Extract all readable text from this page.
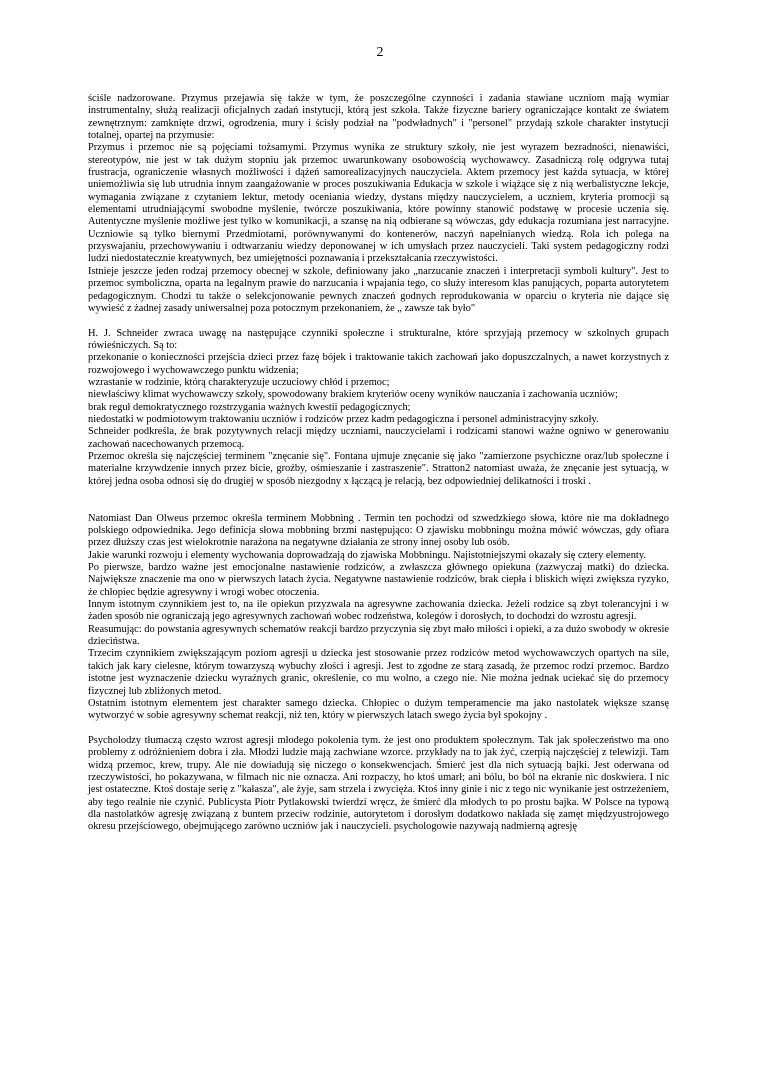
2

ściśle nadzorowane. Przymus przejawia się także w tym, że poszczególne czynności i zadania stawiane uczniom mają wymiar instrumentalny, służą realizacji oficjalnych zadań instytucji, którą jest szkoła. Także fizyczne bariery ograniczające kontakt ze światem zewnętrznym: zamknięte drzwi, ogrodzenia, mury i ścisły podział na "podwładnych" i "personel" przydają szkole charakter instytucji totalnej, opartej na przymusie:

Przymus i przemoc nie są pojęciami tożsamymi. Przymus wynika ze struktury szkoły, nie jest wyrazem bezradności, nienawiści, stereotypów, nie jest w tak dużym stopniu jak przemoc uwarunkowany osobowością wychowawcy. Zasadniczą rolę odgrywa tutaj frustracja, ograniczenie własnych możliwości i dążeń samorealizacyjnych nauczyciela. Aktem przemocy jest każda sytuacja, w której uniemożliwia się lub utrudnia innym zaangażowanie w proces poszukiwania Edukacja w szkole i wiążące się z nią werbalistyczne lekcje, wymagania związane z czytaniem lektur, metody oceniania wiedzy, dystans między nauczycielem, a uczniem, kryteria promocji są elementami utrudniającymi swobodne myślenie, twórcze poszukiwania, które powinny stanowić podstawę w procesie uczenia się. Autentyczne myślenie możliwe jest tylko w komunikacji, a szansę na nią odbierane są wówczas, gdy edukacja rozumiana jest narracyjne. Uczniowie są tylko biernymi Przedmiotami, porównywanymi do kontenerów, naczyń napełnianych wiedzą. Rola ich polega na przyswajaniu, przechowywaniu i odtwarzaniu wiedzy deponowanej w ich umysłach przez nauczycieli. Taki system pedagogiczny rodzi ludzi niedostatecznie kreatywnych, bez umiejętności poznawania i przekształcania rzeczywistości.

Istnieje jeszcze jeden rodzaj przemocy obecnej w szkole, definiowany jako „narzucanie znaczeń i interpretacji symboli kultury". Jest to przemoc symboliczna, oparta na legalnym prawie do narzucania i wpajania tego, co służy interesom klas panujących, poparta autorytetem pedagogicznym. Chodzi tu także o selekcjonowanie pewnych znaczeń godnych reprodukowania w oparciu o kryteria nie dające się wywieść z żadnej zasady uniwersalnej poza potocznym przekonaniem, że „ zawsze tak było"

H. J. Schneider zwraca uwagę na następujące czynniki społeczne i strukturalne, które sprzyjają przemocy w szkolnych grupach rówieśniczych. Są to:

przekonanie o konieczności przejścia dzieci przez fazę bójek i traktowanie takich zachowań jako dopuszczalnych, a nawet korzystnych z rozwojowego i wychowawczego punktu widzenia;

wzrastanie w rodzinie, którą charakteryzuje uczuciowy chłód i przemoc;

niewłaściwy klimat wychowawczy szkoły, spowodowany brakiem kryteriów oceny wyników nauczania i zachowania uczniów;

brak reguł demokratycznego rozstrzygania ważnych kwestii pedagogicznych;

niedostatki w podmiotowym traktowaniu uczniów i rodziców przez kadm pedagogiczna i personel administracyjny szkoły.

Schneider podkreśla, że brak pozytywnych relacji między uczniami, nauczycielami i rodzicami stanowi ważne ogniwo w generowaniu zachowań nacechowanych przemocą.

Przemoc określa się najczęściej terminem "znęcanie się". Fontana ujmuje znęcanie się jako "zamierzone psychiczne oraz/lub społeczne i materialne krzywdzenie innych przez bicie, groźby, ośmieszanie i zastraszenie". Stratton2 natomiast uważa, że znęcanie jest sytuacją, w której jedna osoba odnosi się do drugiej w sposób niezgodny x łączącą je relacją, bez odpowiedniej delikatności i troski .

Natomiast Dan Olweus przemoc określa terminem Mobbning . Termin ten pochodzi od szwedzkiego słowa, które nie ma dokładnego polskiego odpowiednika. Jego definicja słowa mobbning brzmi następująco: O zjawisku mobbningu można mówić wówczas, gdy ofiara przez dłuższy czas jest wielokrotnie narażona na negatywne działania ze strony innej osoby lub osób.

Jakie warunki rozwoju i elementy wychowania doprowadzają do zjawiska Mobbningu. Najistotniejszymi okazały się cztery elementy.

Po pierwsze, bardzo ważne jest emocjonalne nastawienie rodziców, a zwłaszcza głównego opiekuna (zazwyczaj matki) do dziecka. Największe znaczenie ma ono w pierwszych latach życia. Negatywne nastawienie rodziców, brak ciepła i bliskich więzi zwiększa ryzyko, że chłopiec będzie agresywny i wrogi wobec otoczenia.

Innym istotnym czynnikiem jest to, na ile opiekun przyzwala na agresywne zachowania dziecka. Jeżeli rodzice są zbyt tolerancyjni i w żaden sposób nie ograniczają jego agresywnych zachowań wobec rodzeństwa, kolegów i dorosłych, to dochodzi do wzrostu agresji.

Reasumując: do powstania agresywnych schematów reakcji bardzo przyczynia się zbyt mało miłości i opieki, a za dużo swobody w okresie dzieciństwa.

Trzecim czynnikiem zwiększającym poziom agresji u dziecka jest stosowanie przez rodziców metod wychowawczych opartych na sile, takich jak kary cielesne, którym towarzyszą wybuchy złości i agresji. Jest to zgodne ze starą zasadą, że przemoc rodzi przemoc. Bardzo istotne jest wyznaczenie dziecku wyraźnych granic, określenie, co mu wolno, a czego nie. Nie można jednak uciekać się do przemocy fizycznej lub zbliżonych metod.

Ostatnim istotnym elementem jest charakter samego dziecka. Chłopiec o dużym temperamencie ma jako nastolatek większe szansę wytworzyć w sobie agresywny schemat reakcji, niż ten, który w pierwszych latach swego życia był spokojny .

Psycholodzy tłumaczą często wzrost agresji młodego pokolenia tym. że jest ono produktem społecznym. Tak jak społeczeństwo ma ono problemy z odróżnieniem dobra i zła. Młodzi ludzie mają zachwiane wzorce. przykłady na to jak żyć, czerpią najczęściej z telewizji. Tam widzą przemoc, krew, trupy. Ale nie dowiadują się niczego o konsekwencjach. Śmierć jest dla nich sytuacją bajki. Jest oderwana od rzeczywistości, ho pokazywana, w filmach nic nie oznacza. Ani rozpaczy, ho ktoś umarł; ani bólu, bo ból na ekranie nic doskwiera. I nic jest ostateczne. Ktoś dostaje serię z "kałasza", ale żyje, sam strzela i zwycięża. Ktoś inny ginie i nic z tego nic wynikanie jest ostrzeżeniem, aby tego realnie nie czynić. Publicysta Piotr Pytlakowski twierdzi wręcz, że śmierć dla młodych to po prostu bajka. W Polsce na typową dla nastolatków agresję związaną z buntem przeciw rodzinie, autorytetom i dorosłym dodatkowo nakłada się zamęt międzyustrojowego okresu przejściowego, obejmującego zarówno uczniów jak i nauczycieli. psychologowie nazywają nadmierną agresję
